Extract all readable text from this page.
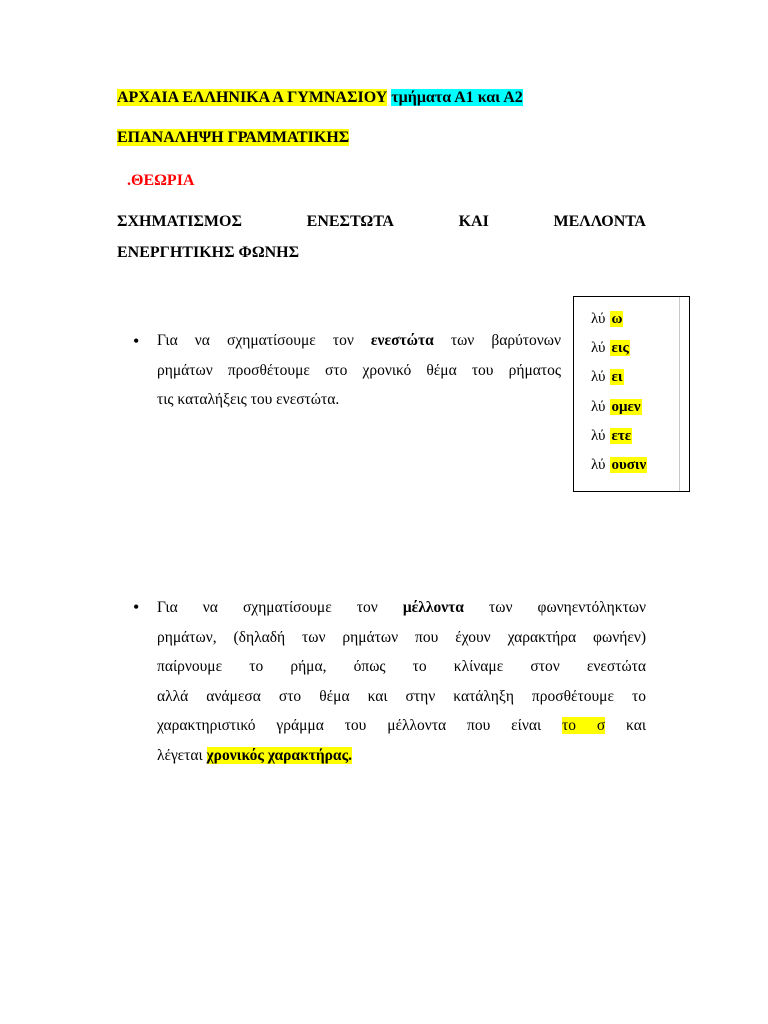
ΑΡΧΑΙΑ ΕΛΛΗΝΙΚΑ Α ΓΥΜΝΑΣΙΟΥ τμήματα Α1 και Α2
ΕΠΑΝΑΛΗΨΗ ΓΡΑΜΜΑΤΙΚΗΣ
.ΘΕΩΡΙΑ
ΣΧΗΜΑΤΙΣΜΟΣ	ΕΝΕΣΤΩΤΑ	ΚΑΙ	ΜΕΛΛΟΝΤΑ
ΕΝΕΡΓΗΤΙΚΗΣ ΦΩΝΗΣ
• Για να σχηματίσουμε τον ενεστώτα των βαρύτονων
ρημάτων προσθέτουμε στο χρονικό θέμα του ρήματος
τις καταλήξεις του ενεστώτα.
λύ ω
λύ εις
λύ ει
λύ ομεν
λύ ετε
λύ ουσιν
• Για να σχηματίσουμε τον μέλλοντα των φωνηεντόληκτων
ρημάτων, (δηλαδή των ρημάτων που έχουν χαρακτήρα φωνήεν)
παίρνουμε το ρήμα, όπως το κλίναμε στον ενεστώτα
αλλά ανάμεσα στο θέμα και στην κατάληξη προσθέτουμε το
χαρακτηριστικό γράμμα του μέλλοντα που είναι το σ και
λέγεται χρονικός χαρακτήρας.
